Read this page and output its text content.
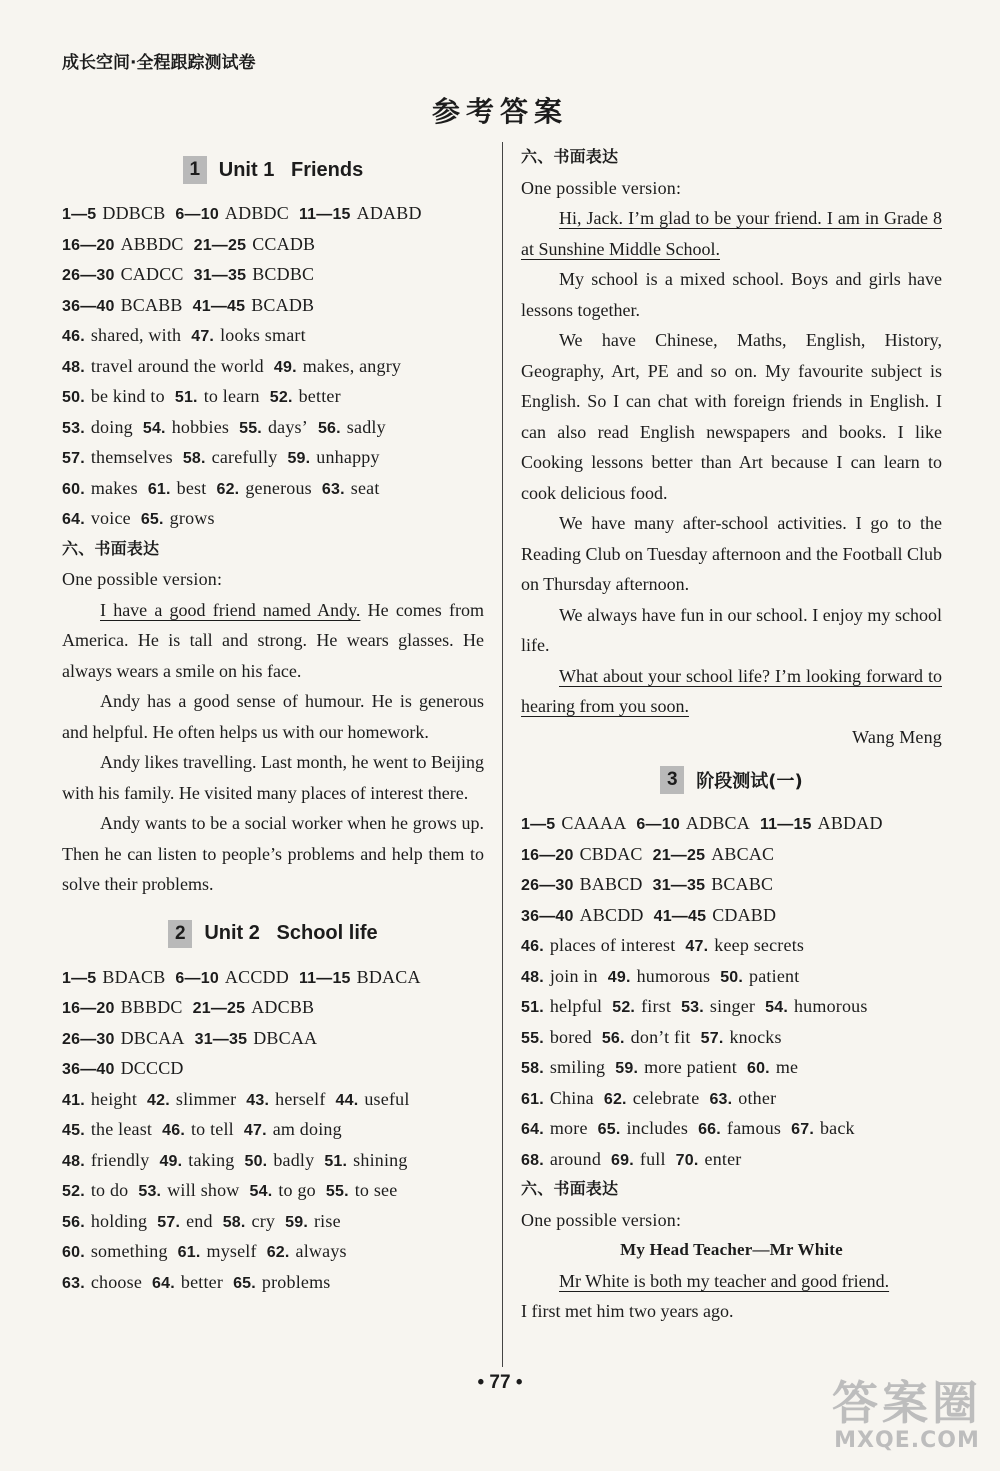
成长空间·全程跟踪测试卷
参考答案
1 Unit 1   Friends
1—5 DDBCB 6—10 ADBDC 11—15 ADABD
16—20 ABBDC 21—25 CCADB
26—30 CADCC 31—35 BCDBC
36—40 BCABB 41—45 BCADB
46. shared, with 47. looks smart
48. travel around the world 49. makes, angry
50. be kind to 51. to learn 52. better
53. doing 54. hobbies 55. days’ 56. sadly
57. themselves 58. carefully 59. unhappy
60. makes 61. best 62. generous 63. seat
64. voice 65. grows
六、书面表达
One possible version:
I have a good friend named Andy. He comes from America. He is tall and strong. He wears glasses. He always wears a smile on his face.
Andy has a good sense of humour. He is generous and helpful. He often helps us with our homework.
Andy likes travelling. Last month, he went to Beijing with his family. He visited many places of interest there.
Andy wants to be a social worker when he grows up. Then he can listen to people’s problems and help them to solve their problems.
2 Unit 2   School life
1—5 BDACB 6—10 ACCDD 11—15 BDACA
16—20 BBBDC 21—25 ADCBB
26—30 DBCAA 31—35 DBCAA
36—40 DCCCD
41. height 42. slimmer 43. herself 44. useful
45. the least 46. to tell 47. am doing
48. friendly 49. taking 50. badly 51. shining
52. to do 53. will show 54. to go 55. to see
56. holding 57. end 58. cry 59. rise
60. something 61. myself 62. always
63. choose 64. better 65. problems
六、书面表达
One possible version:
Hi, Jack. I’m glad to be your friend. I am in Grade 8 at Sunshine Middle School.
My school is a mixed school. Boys and girls have lessons together.
We have Chinese, Maths, English, History, Geography, Art, PE and so on. My favourite subject is English. So I can chat with foreign friends in English. I can also read English newspapers and books. I like Cooking lessons better than Art because I can learn to cook delicious food.
We have many after-school activities. I go to the Reading Club on Tuesday afternoon and the Football Club on Thursday afternoon.
We always have fun in our school. I enjoy my school life.
What about your school life? I’m looking forward to hearing from you soon.
Wang Meng
3	阶段测试(一)
1—5 CAAAA 6—10 ADBCA 11—15 ABDAD
16—20 CBDAC 21—25 ABCAC
26—30 BABCD 31—35 BCABC
36—40 ABCDD 41—45 CDABD
46. places of interest 47. keep secrets
48. join in 49. humorous 50. patient
51. helpful 52. first 53. singer 54. humorous
55. bored 56. don’t fit 57. knocks
58. smiling 59. more patient 60. me
61. China 62. celebrate 63. other
64. more 65. includes 66. famous 67. back
68. around 69. full 70. enter
六、书面表达
One possible version:
My Head Teacher—Mr White
Mr White is both my teacher and good friend.
I first met him two years ago.
• 77 •	答案圈
MXQE.COM
